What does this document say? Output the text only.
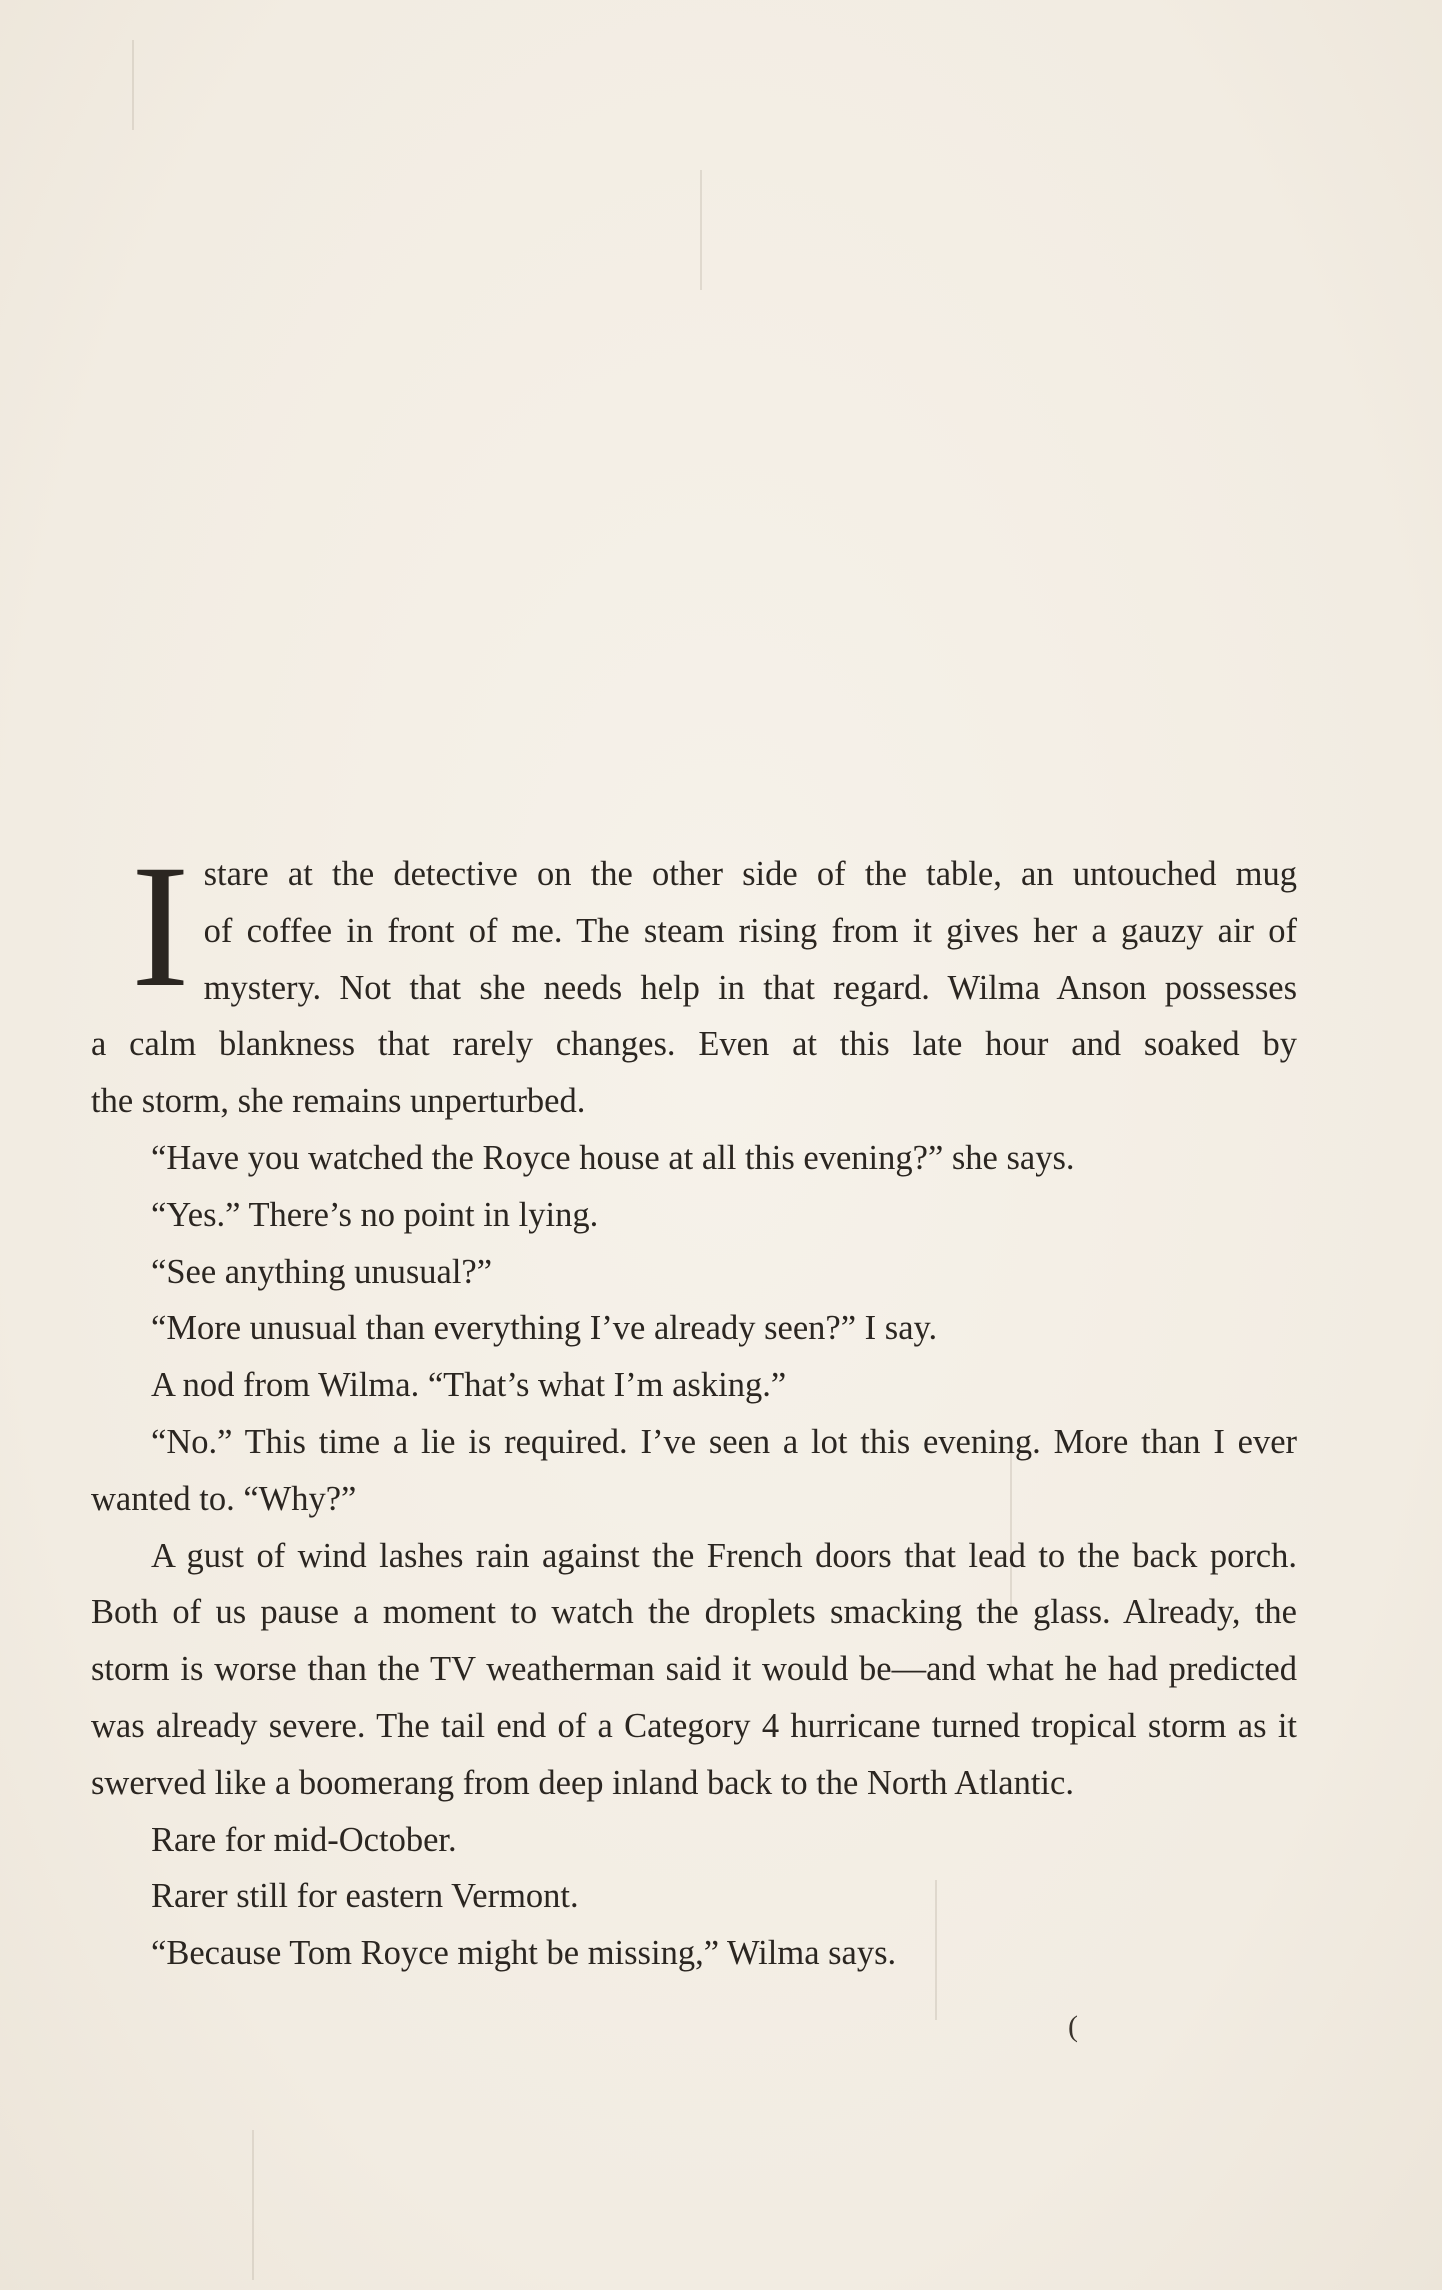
I stare at the detective on the other side of the table, an untouched mug
of coffee in front of me. The steam rising from it gives her a gauzy air of
mystery. Not that she needs help in that regard. Wilma Anson possesses
a calm blankness that rarely changes. Even at this late hour and soaked by
the storm, she remains unperturbed.

“Have you watched the Royce house at all this evening?” she says.

“Yes.” There’s no point in lying.

“See anything unusual?”

“More unusual than everything I’ve already seen?” I say.

A nod from Wilma. “That’s what I’m asking.”

“No.” This time a lie is required. I’ve seen a lot this evening. More than I ever wanted to. “Why?”

A gust of wind lashes rain against the French doors that lead to the back porch. Both of us pause a moment to watch the droplets smacking the glass. Already, the storm is worse than the TV weatherman said it would be—and what he had predicted was already severe. The tail end of a Category 4 hurricane turned tropical storm as it swerved like a boomerang from deep inland back to the North Atlantic.

Rare for mid-October.

Rarer still for eastern Vermont.

“Because Tom Royce might be missing,” Wilma says.

(
